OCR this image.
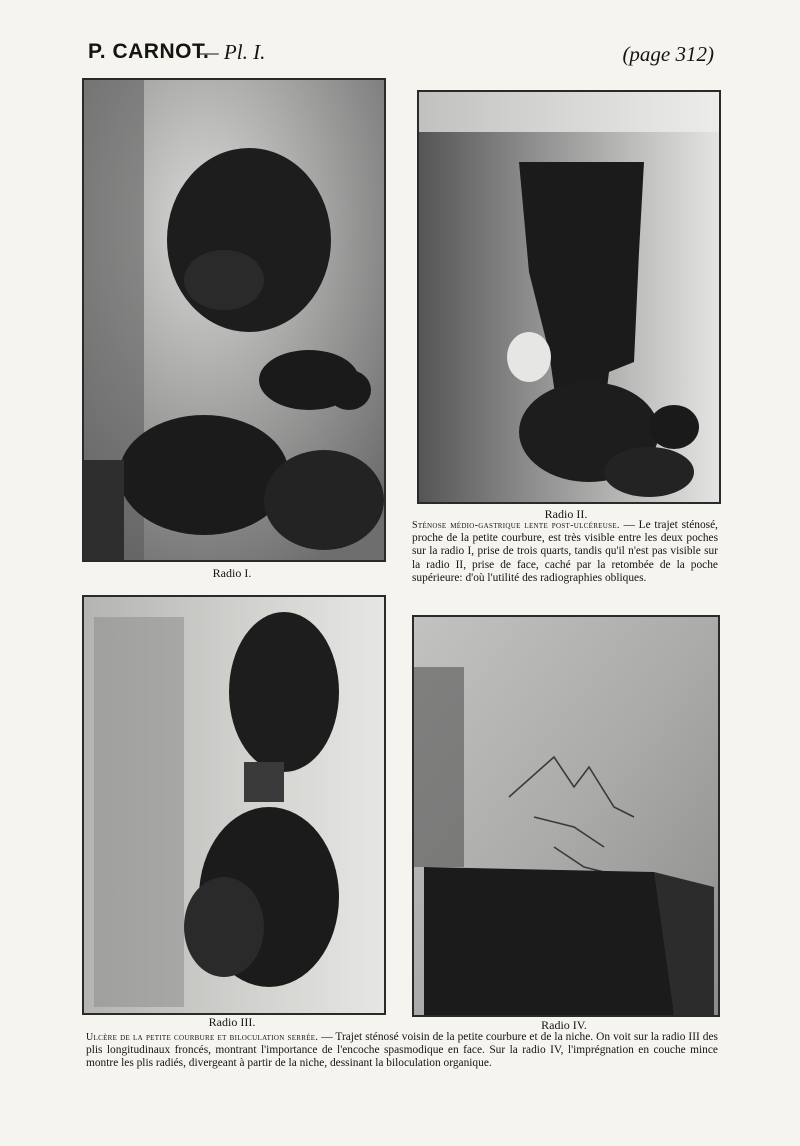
P. CARNOT.
— Pl. I.	(page 312)
Radio I.
Radio II.
Radio III.	Radio IV.
Sténose médio-gastrique lente post-ulcéreuse. — Le trajet sténosé, proche de la petite courbure, est très visible entre les deux poches sur la radio I, prise de trois quarts, tandis qu'il n'est pas visible sur la radio II, prise de face, caché par la retombée de la poche supérieure: d'où l'utilité des radiographies obliques.
Ulcère de la petite courbure et biloculation serrée. — Trajet sténosé voisin de la petite courbure et de la niche. On voit sur la radio III des plis longitudinaux froncés, montrant l'importance de l'encoche spasmodique en face. Sur la radio IV, l'imprégnation en couche mince montre les plis radiés, divergeant à partir de la niche, dessinant la biloculation organique.
